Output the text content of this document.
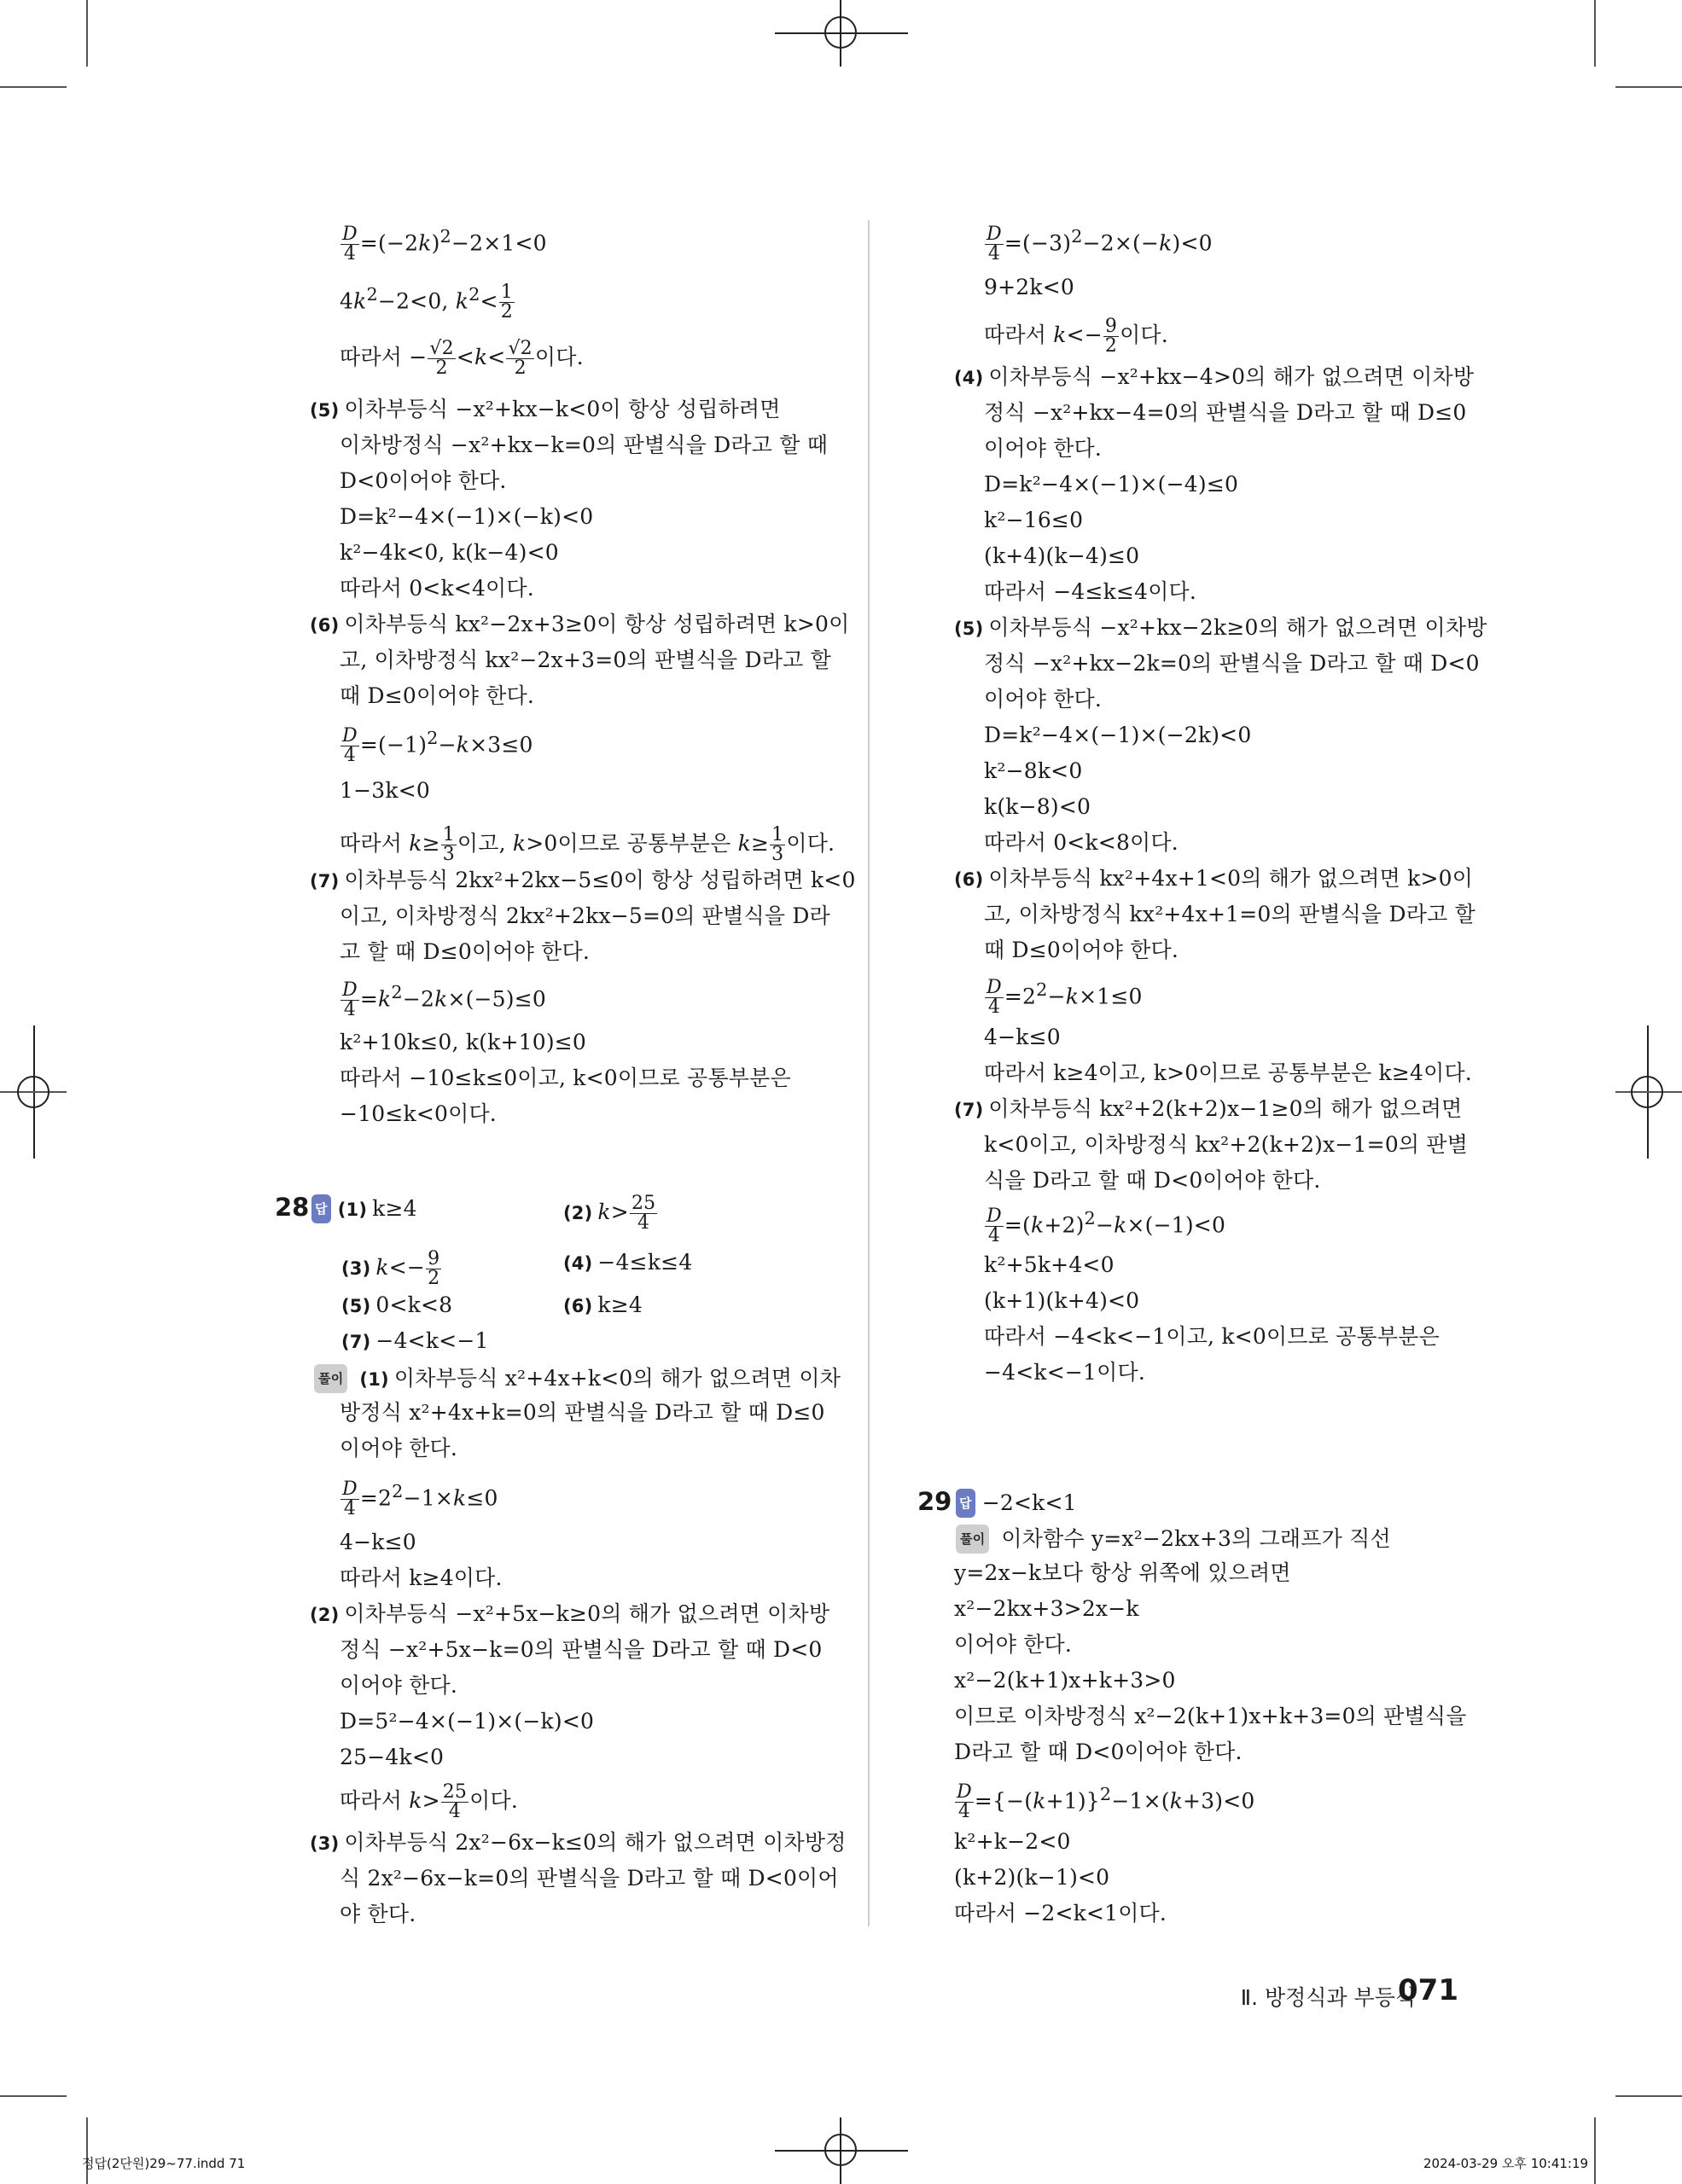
$\frac{D}{4} =(-2k)^2-2\times 1<0$
$4k^2-2<0$, $k^2< \frac{1}{2}$
따라서 − $\frac{√2}{2} <k< \frac{√2}{2}$ 이다.
(5) 이차부등식 −x²+kx−k<0이 항상 성립하려면
이차방정식 −x²+kx−k=0의 판별식을 D라고 할 때
D<0이어야 한다.
D=k²−4×(−1)×(−k)<0
k²−4k<0, k(k−4)<0
따라서 0<k<4이다.
(6) 이차부등식 kx²−2x+3≥0이 항상 성립하려면 k>0이
고, 이차방정식 kx²−2x+3=0의 판별식을 D라고 할
때 D≤0이어야 한다.
$\frac{D}{4} =(-1)^2-k\times 3\le 0$
1−3k<0
따라서 $k\ge \frac{1}{3}$ 이고, k>0이므로 공통부분은 $k\ge \frac{1}{3}$ 이다.
(7) 이차부등식 2kx²+2kx−5≤0이 항상 성립하려면 k<0
이고, 이차방정식 2kx²+2kx−5=0의 판별식을 D라
고 할 때 D≤0이어야 한다.
$\frac{D}{4} =k^2-2k\times(-5)\le 0$
k²+10k≤0, k(k+10)≤0
따라서 −10≤k≤0이고, k<0이므로 공통부분은
−10≤k<0이다.
28 답 (1) k≥4	(2) $k> \frac{25}{4}$
(3) $k<- \frac{9}{2}$	(4) −4≤k≤4
(5) 0<k<8	(6) k≥4
(7) −4<k<−1
풀이 (1) 이차부등식 x²+4x+k<0의 해가 없으려면 이차
방정식 x²+4x+k=0의 판별식을 D라고 할 때 D≤0
이어야 한다.
$\frac{D}{4} =2^2-1\times k\le 0$
4−k≤0
따라서 k≥4이다.
(2) 이차부등식 −x²+5x−k≥0의 해가 없으려면 이차방
정식 −x²+5x−k=0의 판별식을 D라고 할 때 D<0
이어야 한다.
D=5²−4×(−1)×(−k)<0
25−4k<0
따라서 $k> \frac{25}{4}$ 이다.
(3) 이차부등식 2x²−6x−k≤0의 해가 없으려면 이차방정
식 2x²−6x−k=0의 판별식을 D라고 할 때 D<0이어
야 한다.
$\frac{D}{4} =(-3)^2-2\times(-k)<0$
9+2k<0
따라서 $k<- \frac{9}{2}$ 이다.
(4) 이차부등식 −x²+kx−4>0의 해가 없으려면 이차방
정식 −x²+kx−4=0의 판별식을 D라고 할 때 D≤0
이어야 한다.
D=k²−4×(−1)×(−4)≤0
k²−16≤0
(k+4)(k−4)≤0
따라서 −4≤k≤4이다.
(5) 이차부등식 −x²+kx−2k≥0의 해가 없으려면 이차방
정식 −x²+kx−2k=0의 판별식을 D라고 할 때 D<0
이어야 한다.
D=k²−4×(−1)×(−2k)<0
k²−8k<0
k(k−8)<0
따라서 0<k<8이다.
(6) 이차부등식 kx²+4x+1<0의 해가 없으려면 k>0이
고, 이차방정식 kx²+4x+1=0의 판별식을 D라고 할
때 D≤0이어야 한다.
$\frac{D}{4} =2^2-k\times 1\le 0$
4−k≤0
따라서 k≥4이고, k>0이므로 공통부분은 k≥4이다.
(7) 이차부등식 kx²+2(k+2)x−1≥0의 해가 없으려면
k<0이고, 이차방정식 kx²+2(k+2)x−1=0의 판별
식을 D라고 할 때 D<0이어야 한다.
$\frac{D}{4} =(k+2)^2-k\times(-1)<0$
k²+5k+4<0
(k+1)(k+4)<0
따라서 −4<k<−1이고, k<0이므로 공통부분은
−4<k<−1이다.
29 답 −2<k<1
풀이 이차함수 y=x²−2kx+3의 그래프가 직선
y=2x−k보다 항상 위쪽에 있으려면
x²−2kx+3>2x−k
이어야 한다.
x²−2(k+1)x+k+3>0
이므로 이차방정식 x²−2(k+1)x+k+3=0의 판별식을
D라고 할 때 D<0이어야 한다.
$\frac{D}{4} =\{-(k+1)\}^2-1\times(k+3)<0$
k²+k−2<0
(k+2)(k−1)<0
따라서 −2<k<1이다.
Ⅱ. 방정식과 부등식
071
정답(2단원)29~77.indd 71	2024-03-29 오후 10:41:19
